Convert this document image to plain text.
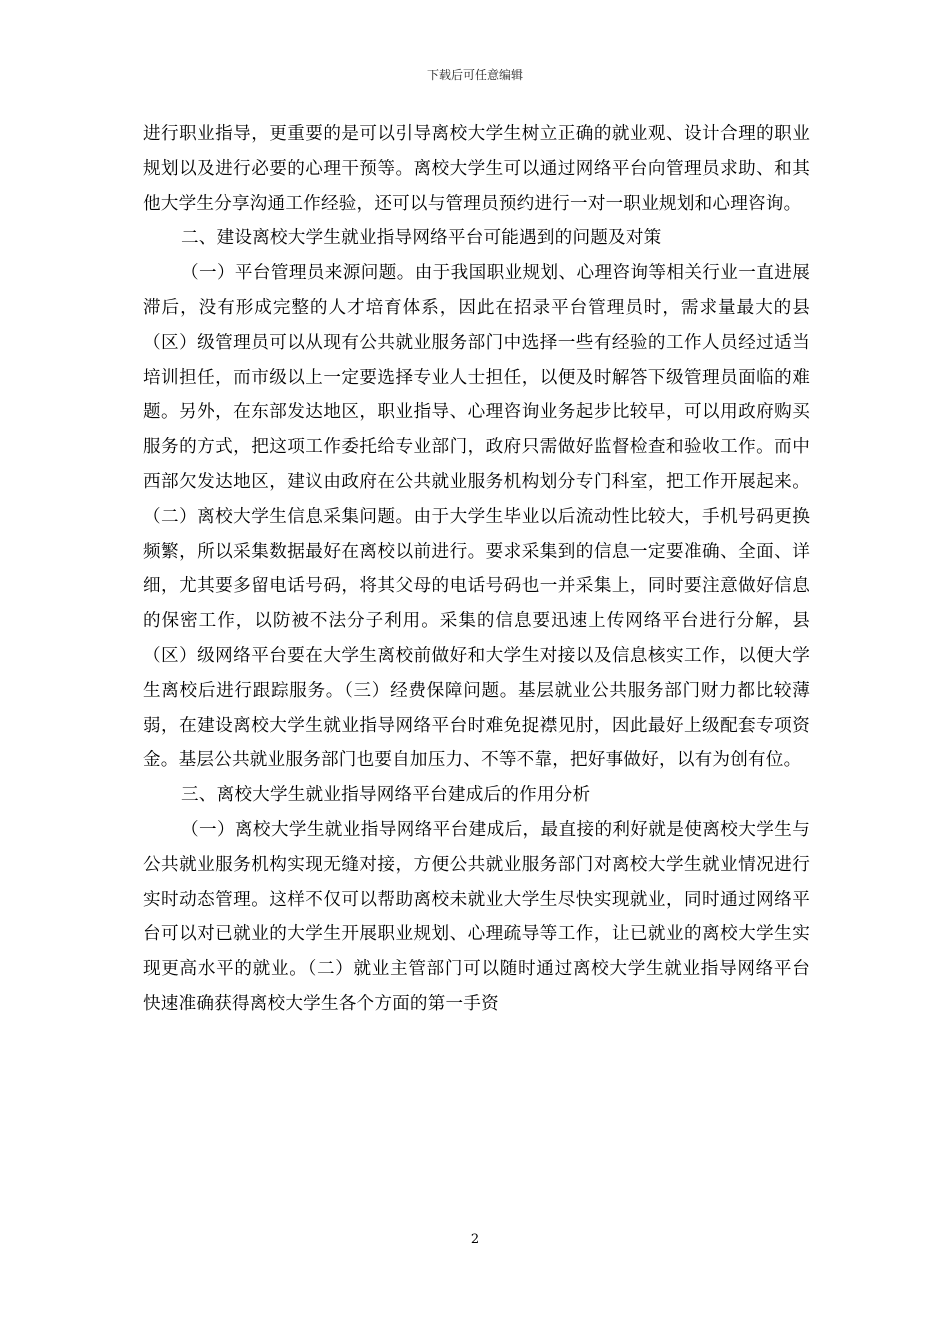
下载后可任意编辑

进行职业指导，更重要的是可以引导离校大学生树立正确的就业观、设计合理的职业规划以及进行必要的心理干预等。离校大学生可以通过网络平台向管理员求助、和其他大学生分享沟通工作经验，还可以与管理员预约进行一对一职业规划和心理咨询。

二、建设离校大学生就业指导网络平台可能遇到的问题及对策

（一）平台管理员来源问题。由于我国职业规划、心理咨询等相关行业一直进展滞后，没有形成完整的人才培育体系，因此在招录平台管理员时，需求量最大的县（区）级管理员可以从现有公共就业服务部门中选择一些有经验的工作人员经过适当培训担任，而市级以上一定要选择专业人士担任，以便及时解答下级管理员面临的难题。另外，在东部发达地区，职业指导、心理咨询业务起步比较早，可以用政府购买服务的方式，把这项工作委托给专业部门，政府只需做好监督检查和验收工作。而中西部欠发达地区，建议由政府在公共就业服务机构划分专门科室，把工作开展起来。（二）离校大学生信息采集问题。由于大学生毕业以后流动性比较大，手机号码更换频繁，所以采集数据最好在离校以前进行。要求采集到的信息一定要准确、全面、详细，尤其要多留电话号码，将其父母的电话号码也一并采集上，同时要注意做好信息的保密工作，以防被不法分子利用。采集的信息要迅速上传网络平台进行分解，县（区）级网络平台要在大学生离校前做好和大学生对接以及信息核实工作，以便大学生离校后进行跟踪服务。（三）经费保障问题。基层就业公共服务部门财力都比较薄弱，在建设离校大学生就业指导网络平台时难免捉襟见肘，因此最好上级配套专项资金。基层公共就业服务部门也要自加压力、不等不靠，把好事做好，以有为创有位。

三、离校大学生就业指导网络平台建成后的作用分析

（一）离校大学生就业指导网络平台建成后，最直接的利好就是使离校大学生与公共就业服务机构实现无缝对接，方便公共就业服务部门对离校大学生就业情况进行实时动态管理。这样不仅可以帮助离校未就业大学生尽快实现就业，同时通过网络平台可以对已就业的大学生开展职业规划、心理疏导等工作，让已就业的离校大学生实现更高水平的就业。（二）就业主管部门可以随时通过离校大学生就业指导网络平台快速准确获得离校大学生各个方面的第一手资

2
